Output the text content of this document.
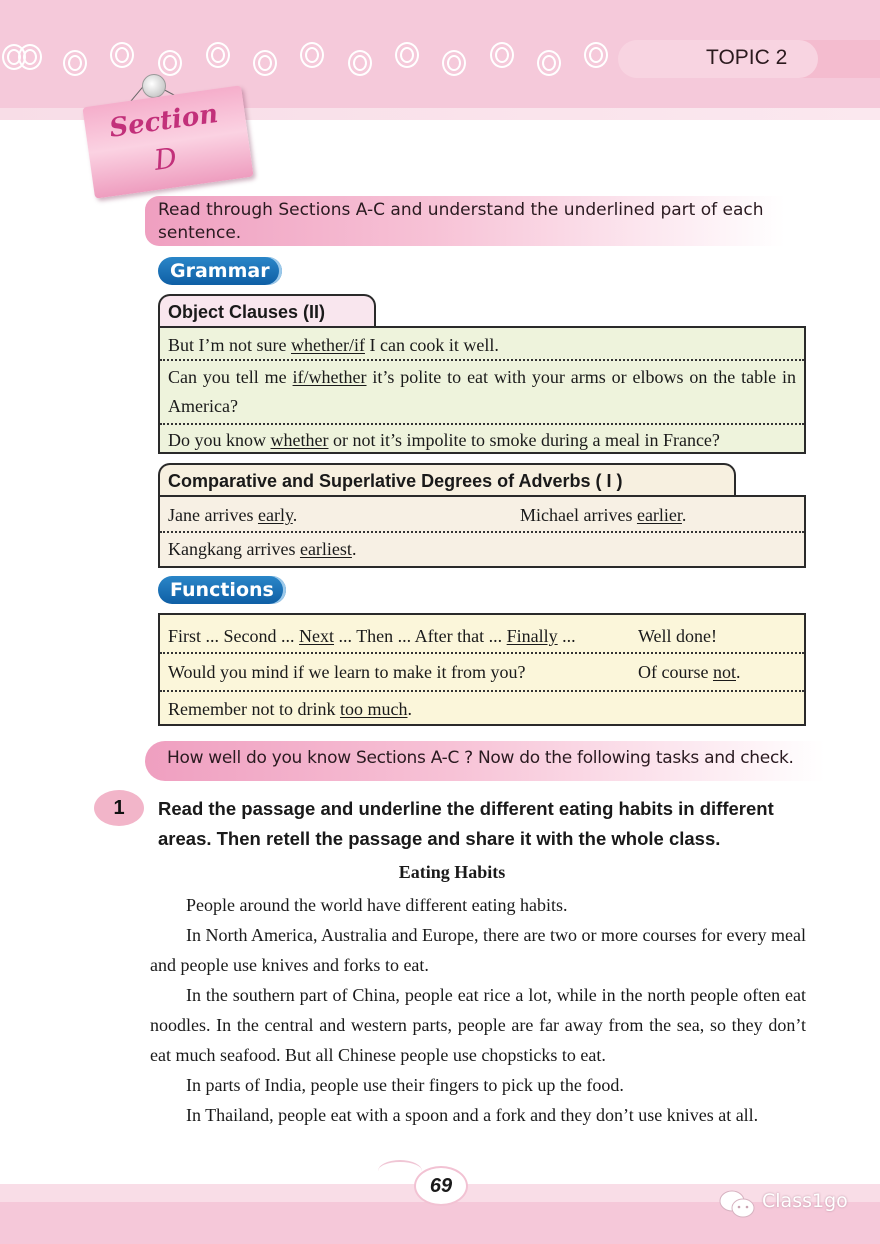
TOPIC 2
Section
D
Read through Sections A-C and understand the underlined part of each sentence.
Grammar
Object Clauses (II)
But I’m not sure whether/if I can cook it well.
Can you tell me if/whether it’s polite to eat with your arms or elbows on the table in America?
Do you know whether or not it’s impolite to smoke during a meal in France?
Comparative and Superlative Degrees of Adverbs ( I )
Jane arrives early.	Michael arrives earlier.
Kangkang arrives earliest.
Functions
First ... Second ... Next ... Then ... After that ... Finally ...	Well done!
Would you mind if we learn to make it from you?	Of course not.
Remember not to drink too much.
How well do you know Sections A-C ? Now do the following tasks and check.
1	Read the passage and underline the different eating habits in different areas. Then retell the passage and share it with the whole class.
Eating Habits

People around the world have different eating habits.

In North America, Australia and Europe, there are two or more courses for every meal and people use knives and forks to eat.

In the southern part of China, people eat rice a lot, while in the north people often eat noodles. In the central and western parts, people are far away from the sea, so they don’t eat much seafood. But all Chinese people use chopsticks to eat.

In parts of India, people use their fingers to pick up the food.

In Thailand, people eat with a spoon and a fork and they don’t use knives at all.

69
Class1go
